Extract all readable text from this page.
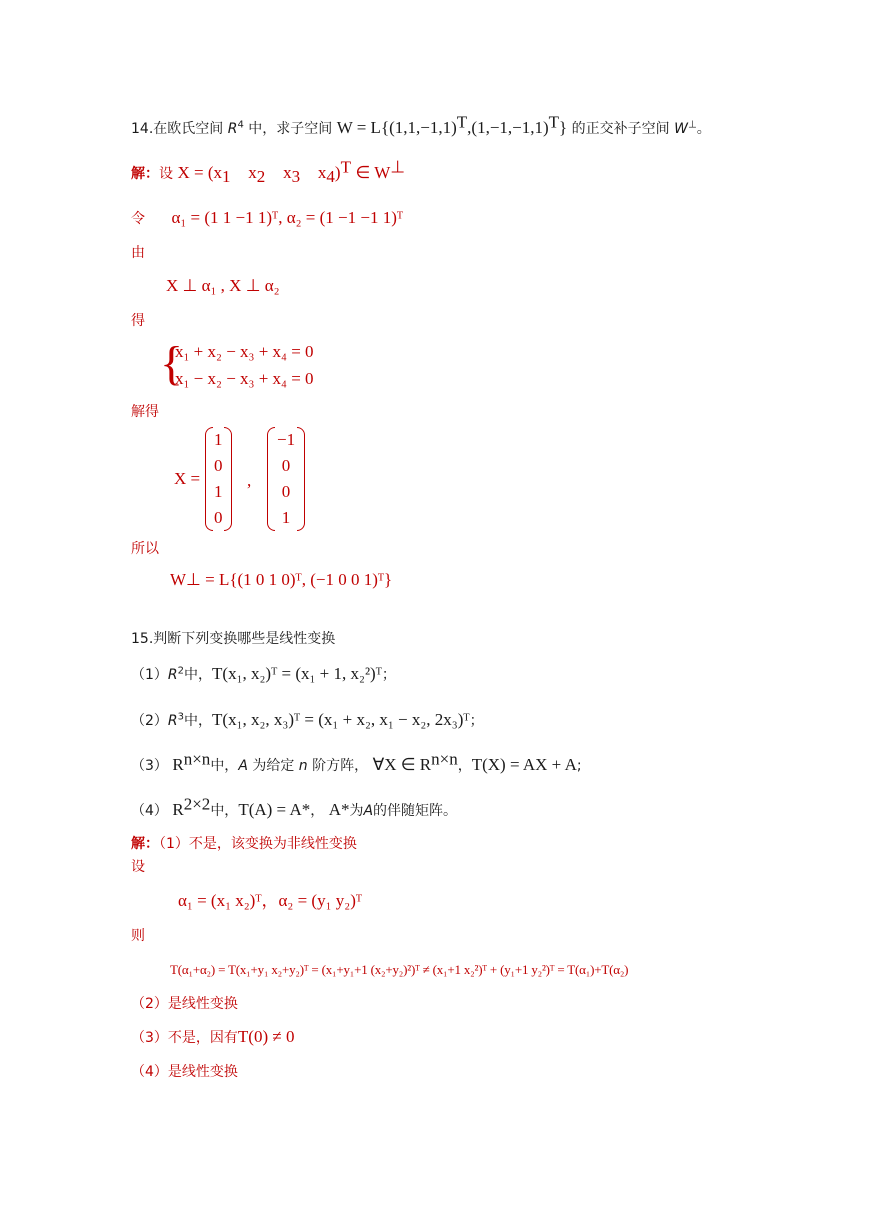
14.在欧氏空间 $R^4$ 中，求子空间 $W = L\{(1,1,-1,1)^T,(1,-1,-1,1)^T\}$ 的正交补子空间 W⊥。
解：设 $X = (x_1$ $x_2$ $x_3$ $x_4)^T$ ∈ W⊥
令 α₁ = (1 1 −1 1)ᵀ, α₂ = (1 −1 −1 1)ᵀ
由
X ⊥ α₁ , X ⊥ α₂
得
{
x₁ + x₂ − x₃ + x₄ = 0
x₁ − x₂ − x₃ + x₄ = 0
解得
X =
1
0
1
0
,
−1
0
0
1
所以
W⊥ = L{(1 0 1 0)ᵀ, (−1 0 0 1)ᵀ}
15.判断下列变换哪些是线性变换
$(1)R^2$中，T(x₁, x₂)ᵀ = (x₁ + 1, x₂²)ᵀ；
$(2)R^3$中，T(x₁, x₂, x₃)ᵀ = (x₁ + x₂, x₁ − x₂, 2x₃)ᵀ；
（3） $R^{n\times n}$中，A 为给定 n 阶方阵， ∀X ∈ $R^{n\times n}$，T(X) = AX + A;
（4） $R^{2\times 2}$中，T(A) = A*， A*为A的伴随矩阵。
解：（1）不是，该变换为非线性变换
设
α₁ = (x₁ x₂)ᵀ，α₂ = (y₁ y₂)ᵀ
则
T(α₁+α₂) = T(x₁+y₁ x₂+y₂)ᵀ = (x₁+y₁+1 (x₂+y₂)²)ᵀ ≠ (x₁+1 x₂²)ᵀ + (y₁+1 y₂²)ᵀ = T(α₁)+T(α₂)
（2）是线性变换
（3）不是，因有T(0) ≠ 0
（4）是线性变换
